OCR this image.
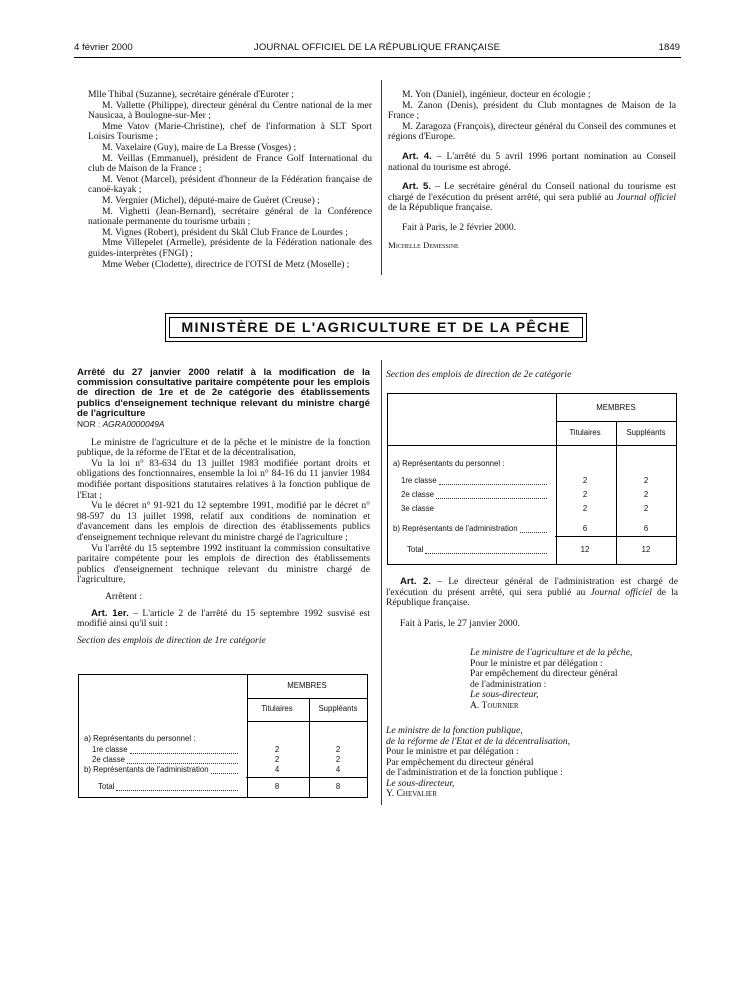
4 février 2000	JOURNAL OFFICIEL DE LA RÉPUBLIQUE FRANÇAISE	1849

Mlle Thibal (Suzanne), secrétaire générale d'Euroter ;

M. Vallette (Philippe), directeur général du Centre national de la mer Nausicaa, à Boulogne-sur-Mer ;

Mme Vatov (Marie-Christine), chef de l'information à SLT Sport Loisirs Tourisme ;

M. Vaxelaire (Guy), maire de La Bresse (Vosges) ;

M. Veillas (Emmanuel), président de France Golf International du club de Maison de la France ;

M. Venot (Marcel), président d'honneur de la Fédération française de canoë-kayak ;

M. Vergnier (Michel), député-maire de Guéret (Creuse) ;

M. Vighetti (Jean-Bernard), secrétaire général de la Conférence nationale permanente du tourisme urbain ;

M. Vignes (Robert), président du Skål Club France de Lourdes ;

Mme Villepelet (Armelle), présidente de la Fédération nationale des guides-interprètes (FNGI) ;

Mme Weber (Clodette), directrice de l'OTSI de Metz (Moselle) ;

M. Yon (Daniel), ingénieur, docteur en écologie ;

M. Zanon (Denis), président du Club montagnes de Maison de la France ;

M. Zaragoza (François), directeur général du Conseil des communes et régions d'Europe.

Art. 4. – L'arrêté du 5 avril 1996 portant nomination au Conseil national du tourisme est abrogé.

Art. 5. – Le secrétaire général du Conseil national du tourisme est chargé de l'exécution du présent arrêté, qui sera publié au Journal officiel de la République française.

Fait à Paris, le 2 février 2000.

Michelle Demessine

MINISTÈRE DE L'AGRICULTURE ET DE LA PÊCHE

Arrêté du 27 janvier 2000 relatif à la modification de la commission consultative paritaire compétente pour les emplois de direction de 1re et de 2e catégorie des établissements publics d'enseignement technique relevant du ministre chargé de l'agriculture

NOR : AGRA0000049A

Le ministre de l'agriculture et de la pêche et le ministre de la fonction publique, de la réforme de l'Etat et de la décentralisation,

Vu la loi n° 83-634 du 13 juillet 1983 modifiée portant droits et obligations des fonctionnaires, ensemble la loi n° 84-16 du 11 janvier 1984 modifiée portant dispositions statutaires relatives à la fonction publique de l'Etat ;

Vu le décret n° 91-921 du 12 septembre 1991, modifié par le décret n° 98-597 du 13 juillet 1998, relatif aux conditions de nomination et d'avancement dans les emplois de direction des établissements publics d'enseignement technique relevant du ministre chargé de l'agriculture ;

Vu l'arrêté du 15 septembre 1992 instituant la commission consultative paritaire compétente pour les emplois de direction des établissements publics d'enseignement technique relevant du ministre chargé de l'agriculture,

Arrêtent :

Art. 1er. – L'article 2 de l'arrêté du 15 septembre 1992 susvisé est modifié ainsi qu'il suit :

Section des emplois de direction de 1re catégorie

MEMBRES
Titulaires	Suppléants
a) Représentants du personnel :
1re classe	2	2
2e classe	2	2
b) Représentants de l'administration	4	4
Total	8	8

Section des emplois de direction de 2e catégorie

MEMBRES
Titulaires	Suppléants
a) Représentants du personnel :
1re classe	2	2
2e classe	2	2
3e classe	2	2
b) Représentants de l'administration	6	6
Total	12	12

Art. 2. – Le directeur général de l'administration est chargé de l'exécution du présent arrêté, qui sera publié au Journal officiel de la République française.

Fait à Paris, le 27 janvier 2000.

Le ministre de l'agriculture et de la pêche,

Pour le ministre et par délégation :

Par empêchement du directeur général

de l'administration :

Le sous-directeur,

A. Tournier

Le ministre de la fonction publique,

de la réforme de l'Etat et de la décentralisation,

Pour le ministre et par délégation :

Par empêchement du directeur général

de l'administration et de la fonction publique :

Le sous-directeur,

Y. Chevalier
